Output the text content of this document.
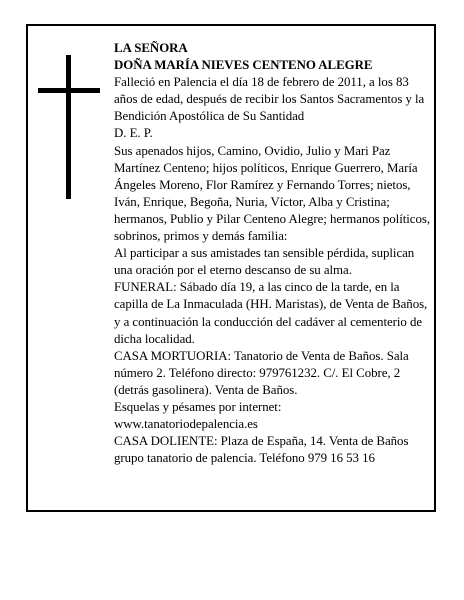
LA SEÑORA

DOÑA MARÍA NIEVES CENTENO ALEGRE

Falleció en Palencia el día 18 de febrero de 2011, a los 83 años de edad, después de recibir los Santos Sacramentos y la Bendición Apostólica de Su Santidad

D. E. P.

Sus apenados hijos, Camino, Ovidio, Julio y Mari Paz Martínez Centeno; hijos políticos, Enrique Guerrero, María Ángeles Moreno, Flor Ramírez y Fernando Torres; nietos, Iván, Enrique, Begoña, Nuria, Víctor, Alba y Cristina; hermanos, Publio y Pilar Centeno Alegre; hermanos políticos, sobrinos, primos y demás familia:

Al participar a sus amistades tan sensible pérdida, suplican una oración por el eterno descanso de su alma.

FUNERAL: Sábado día 19, a las cinco de la tarde, en la capilla de La Inmaculada (HH. Maristas), de Venta de Baños, y a continuación la conducción del cadáver al cementerio de dicha localidad.

CASA MORTUORIA: Tanatorio de Venta de Baños. Sala número 2. Teléfono directo: 979761232. C/. El Cobre, 2 (detrás gasolinera). Venta de Baños.

Esquelas y pésames por internet:

www.tanatoriodepalencia.es

CASA DOLIENTE: Plaza de España, 14. Venta de Baños

grupo tanatorio de palencia. Teléfono 979 16 53 16
